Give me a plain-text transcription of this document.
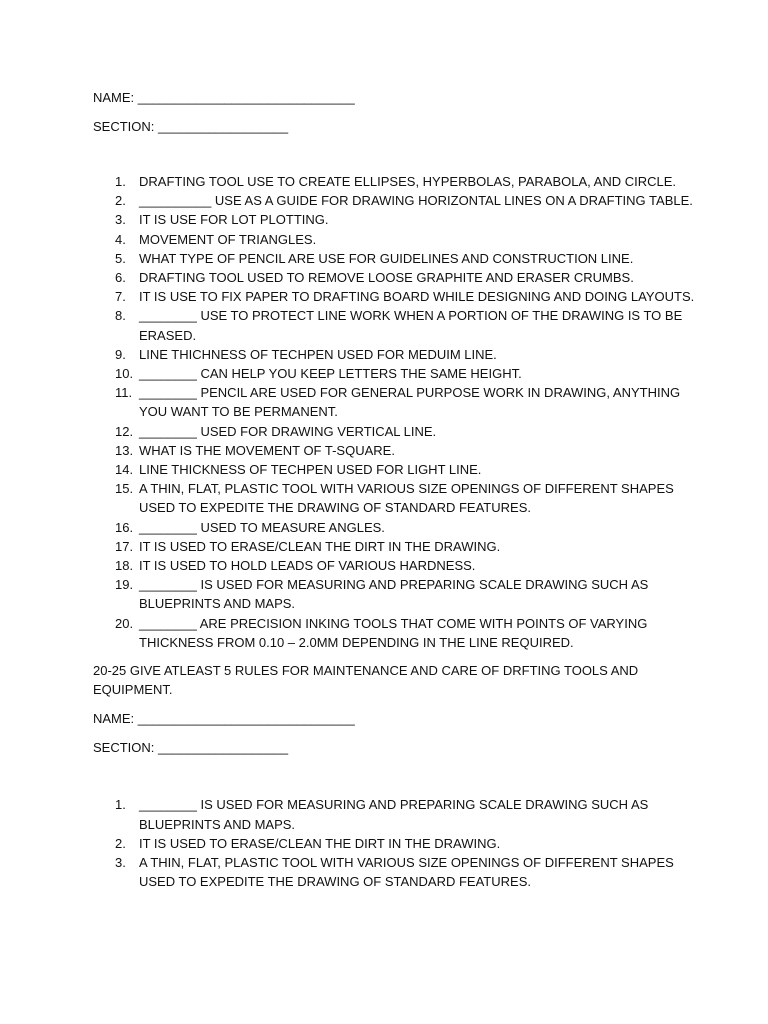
NAME: ______________________________

SECTION: __________________

1.	DRAFTING TOOL USE TO CREATE ELLIPSES, HYPERBOLAS, PARABOLA, AND CIRCLE.
2.	__________ USE AS A GUIDE FOR DRAWING HORIZONTAL LINES ON A DRAFTING TABLE.
3.	IT IS USE FOR LOT PLOTTING.
4.	MOVEMENT OF TRIANGLES.
5.	WHAT TYPE OF PENCIL ARE USE FOR GUIDELINES AND CONSTRUCTION LINE.
6.	DRAFTING TOOL USED TO REMOVE LOOSE GRAPHITE AND ERASER CRUMBS.
7.	IT IS USE TO FIX PAPER TO DRAFTING BOARD WHILE DESIGNING AND DOING LAYOUTS.
8.	________ USE TO PROTECT LINE WORK WHEN A PORTION OF THE DRAWING IS TO BE ERASED.
9.	LINE THICHNESS OF TECHPEN USED FOR MEDUIM LINE.
10. ________ CAN HELP YOU KEEP LETTERS THE SAME HEIGHT.
11. ________ PENCIL ARE USED FOR GENERAL PURPOSE WORK IN DRAWING, ANYTHING YOU WANT TO BE PERMANENT.
12. ________ USED FOR DRAWING VERTICAL LINE.
13. WHAT IS THE MOVEMENT OF T-SQUARE.
14. LINE THICKNESS OF TECHPEN USED FOR LIGHT LINE.
15. A THIN, FLAT, PLASTIC TOOL WITH VARIOUS SIZE OPENINGS OF DIFFERENT SHAPES USED TO EXPEDITE THE DRAWING OF STANDARD FEATURES.
16. ________ USED TO MEASURE ANGLES.
17. IT IS USED TO ERASE/CLEAN THE DIRT IN THE DRAWING.
18. IT IS USED TO HOLD LEADS OF VARIOUS HARDNESS.
19. ________ IS USED FOR MEASURING AND PREPARING SCALE DRAWING SUCH AS BLUEPRINTS AND MAPS.
20. ________ ARE PRECISION INKING TOOLS THAT COME WITH POINTS OF VARYING THICKNESS FROM 0.10 – 2.0MM DEPENDING IN THE LINE REQUIRED.

20-25 GIVE ATLEAST 5 RULES FOR MAINTENANCE AND CARE OF DRFTING TOOLS AND EQUIPMENT.

NAME: ______________________________

SECTION: __________________

1.	________ IS USED FOR MEASURING AND PREPARING SCALE DRAWING SUCH AS BLUEPRINTS AND MAPS.
2.	IT IS USED TO ERASE/CLEAN THE DIRT IN THE DRAWING.
3.	A THIN, FLAT, PLASTIC TOOL WITH VARIOUS SIZE OPENINGS OF DIFFERENT SHAPES USED TO EXPEDITE THE DRAWING OF STANDARD FEATURES.
